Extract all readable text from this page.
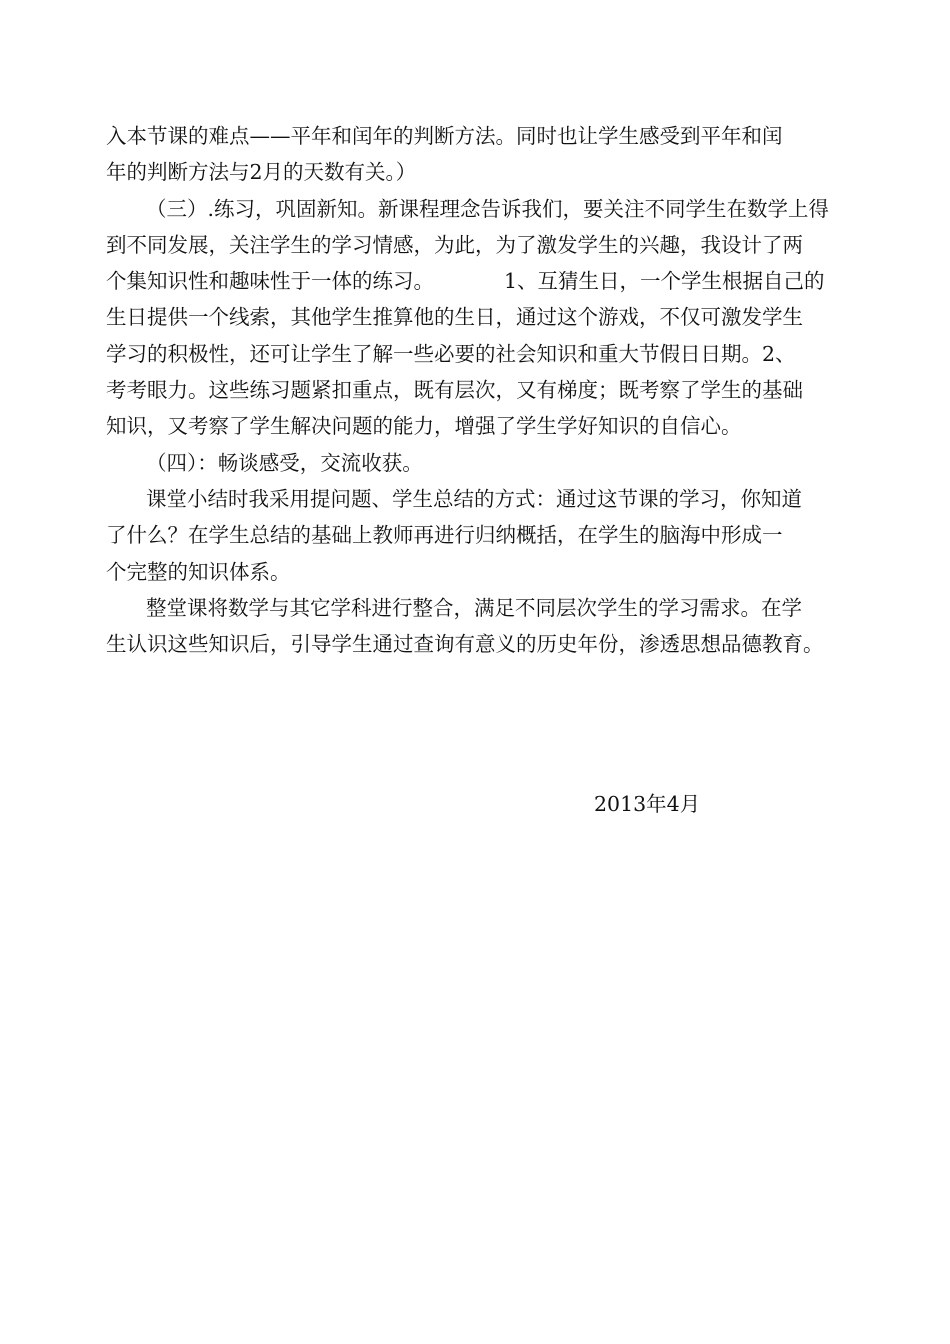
入本节课的难点——平年和闰年的判断方法。同时也让学生感受到平年和闰
年的判断方法与2月的天数有关。）
（三）.练习，巩固新知。新课程理念告诉我们，要关注不同学生在数学上得
到不同发展，关注学生的学习情感，为此，为了激发学生的兴趣，我设计了两
个集知识性和趣味性于一体的练习。	1、互猜生日，一个学生根据自己的
生日提供一个线索，其他学生推算他的生日，通过这个游戏，不仅可激发学生
学习的积极性，还可让学生了解一些必要的社会知识和重大节假日日期。2、
考考眼力。这些练习题紧扣重点，既有层次，又有梯度；既考察了学生的基础
知识，又考察了学生解决问题的能力，增强了学生学好知识的自信心。
（四）：畅谈感受，交流收获。
课堂小结时我采用提问题、学生总结的方式：通过这节课的学习，你知道
了什么？在学生总结的基础上教师再进行归纳概括，在学生的脑海中形成一
个完整的知识体系。
整堂课将数学与其它学科进行整合，满足不同层次学生的学习需求。在学
生认识这些知识后，引导学生通过查询有意义的历史年份，渗透思想品德教育。
2013年4月
